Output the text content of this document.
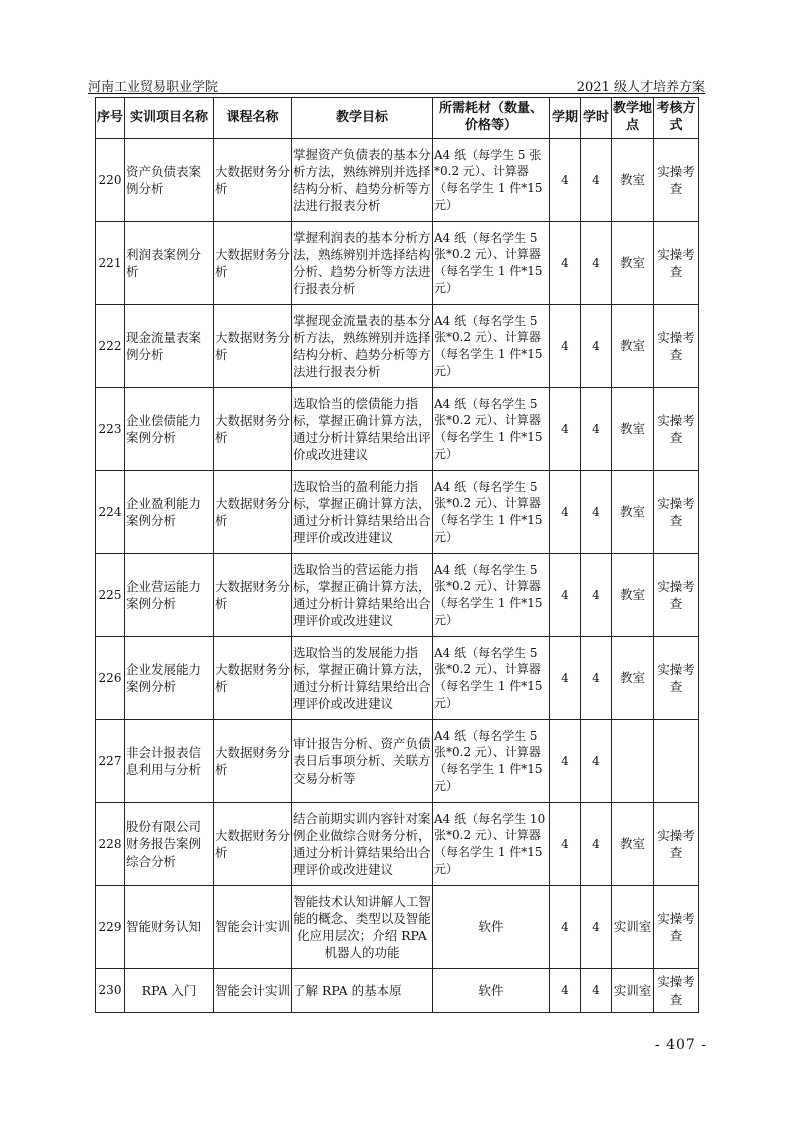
河南工业贸易职业学院	2021 级人才培养方案
序号	实训项目名称	课程名称	教学目标	所需耗材（数量、价格等）	学期	学时	教学地点	考核方式
220	资产负债表案例分析	大数据财务分析	掌握资产负债表的基本分析方法，熟练辨别并选择结构分析、趋势分析等方法进行报表分析	A4 纸（每学生 5 张*0.2 元）、计算器（每名学生 1 件*15 元）	4	4	教室	实操考查
221	利润表案例分析	大数据财务分析	掌握利润表的基本分析方法，熟练辨别并选择结构分析、趋势分析等方法进行报表分析	A4 纸（每名学生 5 张*0.2 元）、计算器（每名学生 1 件*15 元）	4	4	教室	实操考查
222	现金流量表案例分析	大数据财务分析	掌握现金流量表的基本分析方法，熟练辨别并选择结构分析、趋势分析等方法进行报表分析	A4 纸（每名学生 5 张*0.2 元）、计算器（每名学生 1 件*15 元）	4	4	教室	实操考查
223	企业偿债能力案例分析	大数据财务分析	选取恰当的偿债能力指标，掌握正确计算方法，通过分析计算结果给出评价或改进建议	A4 纸（每名学生 5 张*0.2 元）、计算器（每名学生 1 件*15 元）	4	4	教室	实操考查
224	企业盈利能力案例分析	大数据财务分析	选取恰当的盈利能力指标，掌握正确计算方法，通过分析计算结果给出合理评价或改进建议	A4 纸（每名学生 5 张*0.2 元）、计算器（每名学生 1 件*15 元）	4	4	教室	实操考查
225	企业营运能力案例分析	大数据财务分析	选取恰当的营运能力指标，掌握正确计算方法，通过分析计算结果给出合理评价或改进建议	A4 纸（每名学生 5 张*0.2 元）、计算器（每名学生 1 件*15 元）	4	4	教室	实操考查
226	企业发展能力案例分析	大数据财务分析	选取恰当的发展能力指标，掌握正确计算方法，通过分析计算结果给出合理评价或改进建议	A4 纸（每名学生 5 张*0.2 元）、计算器（每名学生 1 件*15 元）	4	4	教室	实操考查
227	非会计报表信息利用与分析	大数据财务分析	审计报告分析、资产负债表日后事项分析、关联方交易分析等	A4 纸（每名学生 5 张*0.2 元）、计算器（每名学生 1 件*15 元）	4	4		
228	股份有限公司财务报告案例综合分析	大数据财务分析	结合前期实训内容针对案例企业做综合财务分析，通过分析计算结果给出合理评价或改进建议	A4 纸（每名学生 10 张*0.2 元）、计算器（每名学生 1 件*15 元）	4	4	教室	实操考查
229	智能财务认知	智能会计实训	智能技术认知讲解人工智能的概念、类型以及智能化应用层次；介绍 RPA 机器人的功能	软件	4	4	实训室	实操考查
230	RPA 入门	智能会计实训	了解 RPA 的基本原	软件	4	4	实训室	实操考查
- 407 -
